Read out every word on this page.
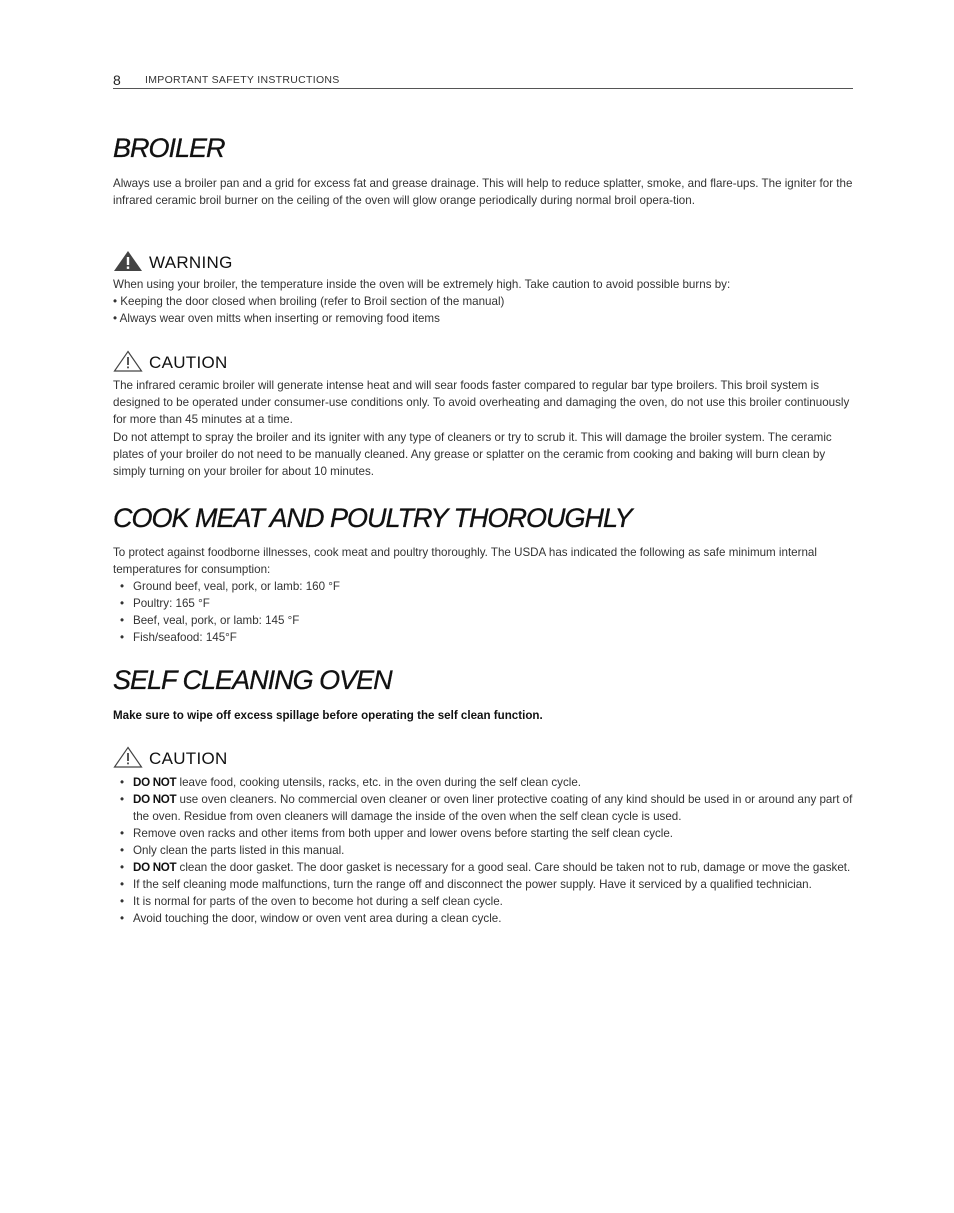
8 IMPORTANT SAFETY INSTRUCTIONS
BROILER

Always use a broiler pan and a grid for excess fat and grease drainage. This will help to reduce splatter, smoke, and flare-ups. The igniter for the infrared ceramic broil burner on the ceiling of the oven will glow orange periodically during normal broil opera-tion.

WARNING

When using your broiler, the temperature inside the oven will be extremely high. Take caution to avoid possible burns by:

• Keeping the door closed when broiling (refer to Broil section of the manual)

• Always wear oven mitts when inserting or removing food items

CAUTION

The infrared ceramic broiler will generate intense heat and will sear foods faster compared to regular bar type broilers. This broil system is designed to be operated under consumer-use conditions only. To avoid overheating and damaging the oven, do not use this broiler continuously for more than 45 minutes at a time.

Do not attempt to spray the broiler and its igniter with any type of cleaners or try to scrub it. This will damage the broiler system. The ceramic plates of your broiler do not need to be manually cleaned. Any grease or splatter on the ceramic from cooking and baking will burn clean by simply turning on your broiler for about 10 minutes.

COOK MEAT AND POULTRY THOROUGHLY

To protect against foodborne illnesses, cook meat and poultry thoroughly. The USDA has indicated the following as safe minimum internal temperatures for consumption:

• Ground beef, veal, pork, or lamb: 160 °F
• Poultry: 165 °F
• Beef, veal, pork, or lamb: 145 °F
• Fish/seafood: 145°F
SELF CLEANING OVEN

Make sure to wipe off excess spillage before operating the self clean function.

CAUTION
• DO NOT leave food, cooking utensils, racks, etc. in the oven during the self clean cycle.
• DO NOT use oven cleaners. No commercial oven cleaner or oven liner protective coating of any kind should be used in or around any part of the oven. Residue from oven cleaners will damage the inside of the oven when the self clean cycle is used.
• Remove oven racks and other items from both upper and lower ovens before starting the self clean cycle.
• Only clean the parts listed in this manual.
• DO NOT clean the door gasket. The door gasket is necessary for a good seal. Care should be taken not to rub, damage or move the gasket.
• If the self cleaning mode malfunctions, turn the range off and disconnect the power supply. Have it serviced by a qualified technician.
• It is normal for parts of the oven to become hot during a self clean cycle.
• Avoid touching the door, window or oven vent area during a clean cycle.
